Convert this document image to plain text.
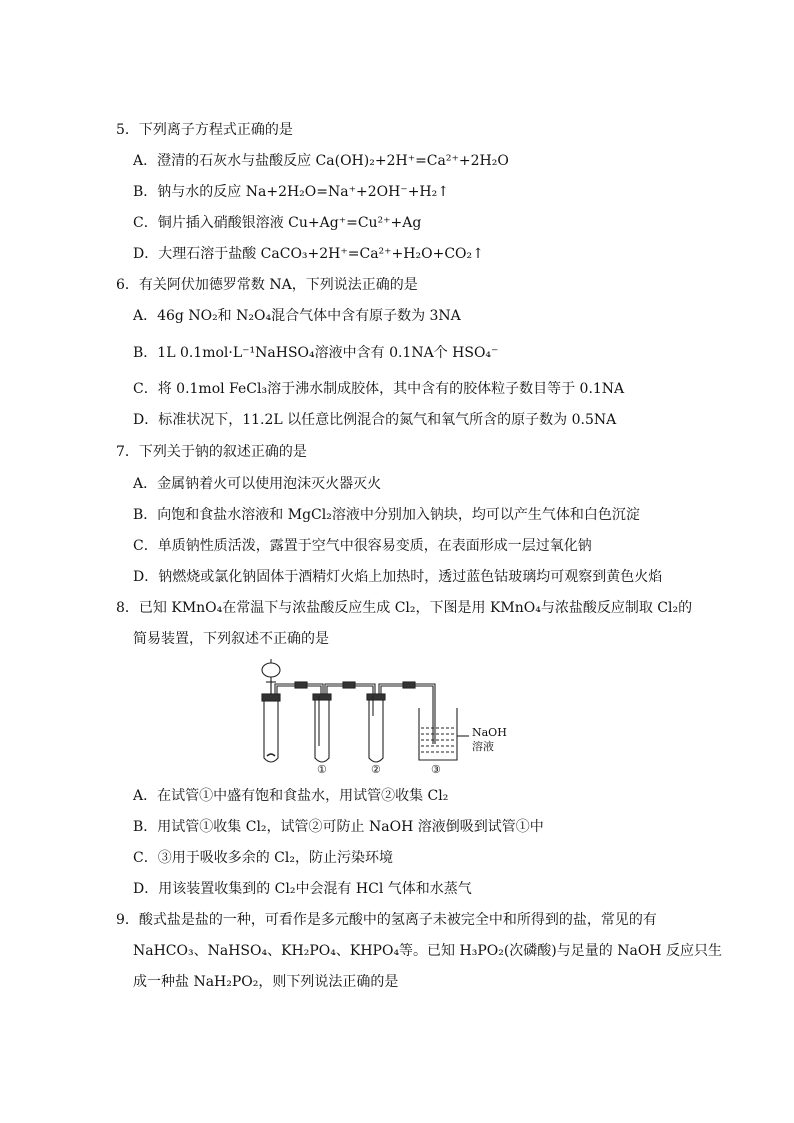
5．下列离子方程式正确的是
A．澄清的石灰水与盐酸反应 Ca(OH)₂+2H⁺=Ca²⁺+2H₂O
B．钠与水的反应 Na+2H₂O=Na⁺+2OH⁻+H₂↑
C．铜片插入硝酸银溶液 Cu+Ag⁺=Cu²⁺+Ag
D．大理石溶于盐酸 CaCO₃+2H⁺=Ca²⁺+H₂O+CO₂↑
6．有关阿伏加德罗常数 NA，下列说法正确的是
A．46g NO₂和 N₂O₄混合气体中含有原子数为 3NA
B．1L 0.1mol·L⁻¹NaHSO₄溶液中含有 0.1NA个 HSO₄⁻
C．将 0.1mol FeCl₃溶于沸水制成胶体，其中含有的胶体粒子数目等于 0.1NA
D．标准状况下，11.2L 以任意比例混合的氮气和氧气所含的原子数为 0.5NA
7．下列关于钠的叙述正确的是
A．金属钠着火可以使用泡沫灭火器灭火
B．向饱和食盐水溶液和 MgCl₂溶液中分别加入钠块，均可以产生气体和白色沉淀
C．单质钠性质活泼，露置于空气中很容易变质，在表面形成一层过氧化钠
D．钠燃烧或氯化钠固体于酒精灯火焰上加热时，透过蓝色钴玻璃均可观察到黄色火焰
8．已知 KMnO₄在常温下与浓盐酸反应生成 Cl₂，下图是用 KMnO₄与浓盐酸反应制取 Cl₂的
简易装置，下列叙述不正确的是
NaOH
溶液
①	②	③
A．在试管①中盛有饱和食盐水，用试管②收集 Cl₂
B．用试管①收集 Cl₂，试管②可防止 NaOH 溶液倒吸到试管①中
C．③用于吸收多余的 Cl₂，防止污染环境
D．用该装置收集到的 Cl₂中会混有 HCl 气体和水蒸气
9．酸式盐是盐的一种，可看作是多元酸中的氢离子未被完全中和所得到的盐，常见的有
NaHCO₃、NaHSO₄、KH₂PO₄、KHPO₄等。已知 H₃PO₂(次磷酸)与足量的 NaOH 反应只生
成一种盐 NaH₂PO₂，则下列说法正确的是
